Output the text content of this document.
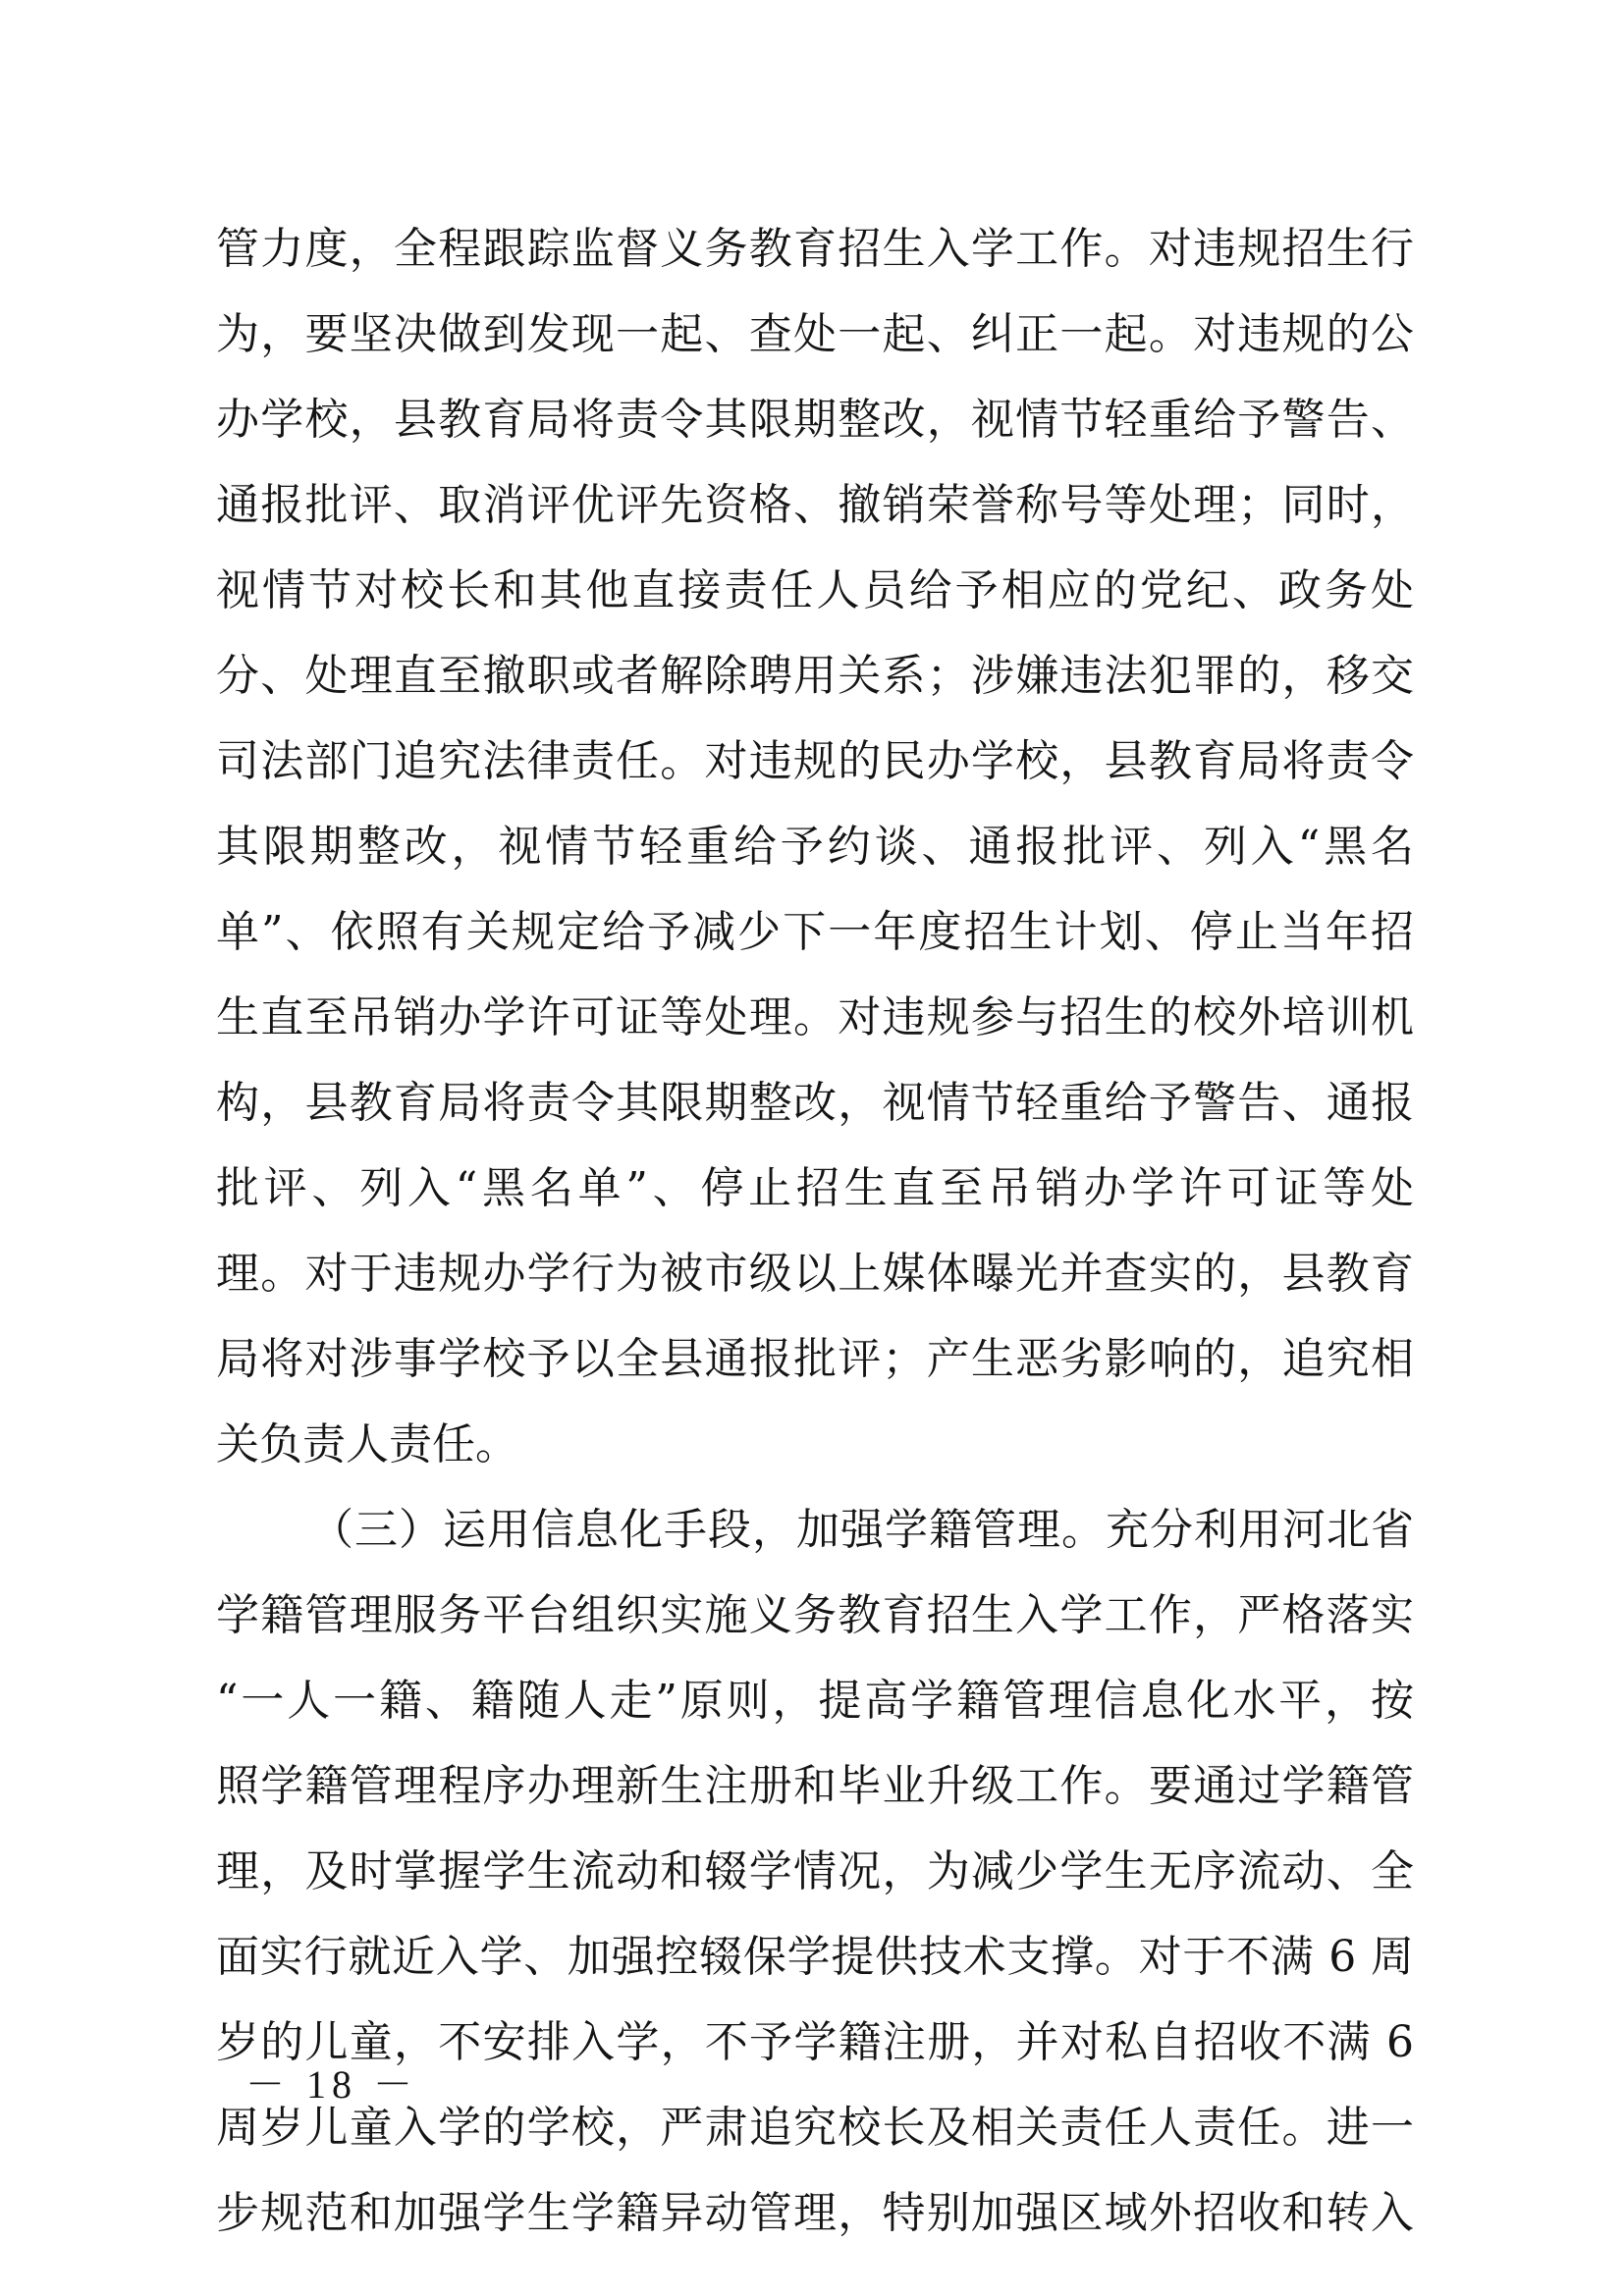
管力度，全程跟踪监督义务教育招生入学工作。对违规招生行
为，要坚决做到发现一起、查处一起、纠正一起。对违规的公
办学校，县教育局将责令其限期整改，视情节轻重给予警告、
通报批评、取消评优评先资格、撤销荣誉称号等处理；同时，
视情节对校长和其他直接责任人员给予相应的党纪、政务处
分、处理直至撤职或者解除聘用关系；涉嫌违法犯罪的，移交
司法部门追究法律责任。对违规的民办学校，县教育局将责令
其限期整改，视情节轻重给予约谈、通报批评、列入“黑名
单”、依照有关规定给予减少下一年度招生计划、停止当年招
生直至吊销办学许可证等处理。对违规参与招生的校外培训机
构，县教育局将责令其限期整改，视情节轻重给予警告、通报
批评、列入“黑名单”、停止招生直至吊销办学许可证等处
理。对于违规办学行为被市级以上媒体曝光并查实的，县教育
局将对涉事学校予以全县通报批评；产生恶劣影响的，追究相
关负责人责任。
（三）运用信息化手段，加强学籍管理。充分利用河北省
学籍管理服务平台组织实施义务教育招生入学工作，严格落实
“一人一籍、籍随人走”原则，提高学籍管理信息化水平，按
照学籍管理程序办理新生注册和毕业升级工作。要通过学籍管
理，及时掌握学生流动和辍学情况，为减少学生无序流动、全
面实行就近入学、加强控辍保学提供技术支撑。对于不满 6 周
岁的儿童，不安排入学，不予学籍注册，并对私自招收不满 6
周岁儿童入学的学校，严肃追究校长及相关责任人责任。进一
步规范和加强学生学籍异动管理，特别加强区域外招收和转入
－ 18 －
